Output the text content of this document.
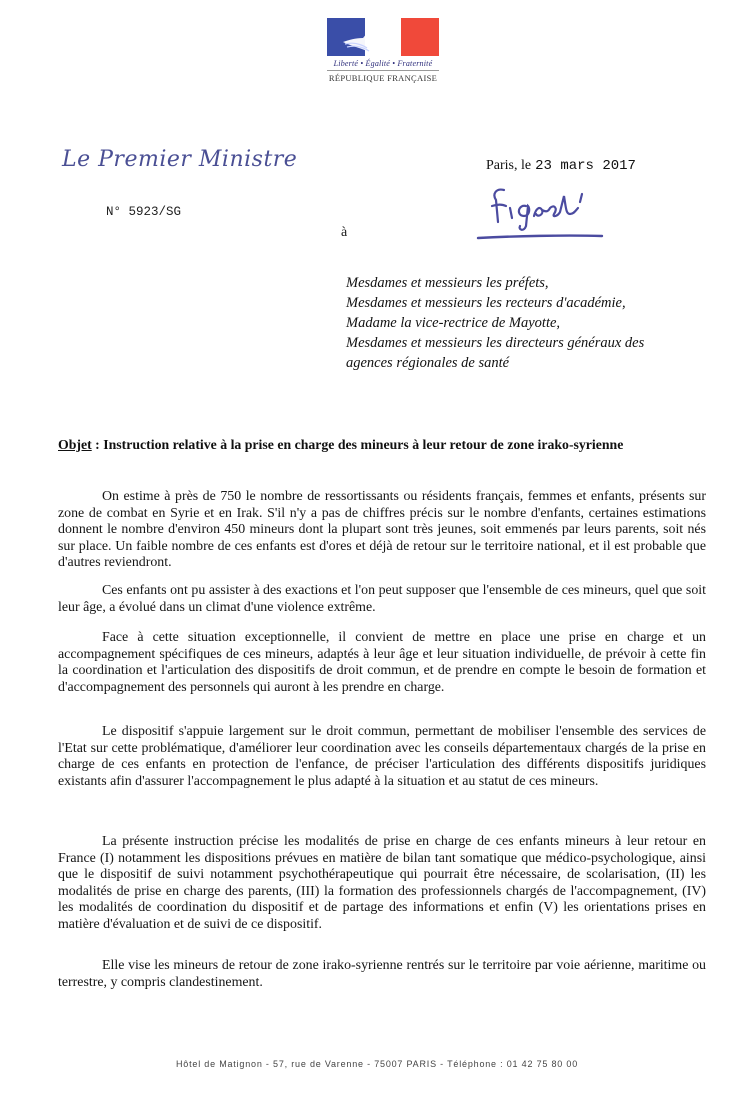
Liberté • Égalité • Fraternité
RÉPUBLIQUE FRANÇAISE
Le Premier Ministre
N° 5923/SG
Paris, le 23 mars 2017
à
Mesdames et messieurs les préfets,
Mesdames et messieurs les recteurs d'académie,
Madame la vice-rectrice de Mayotte,
Mesdames et messieurs les directeurs généraux des
agences régionales de santé
Objet : Instruction relative à la prise en charge des mineurs à leur retour de zone irako-syrienne

On estime à près de 750 le nombre de ressortissants ou résidents français, femmes et enfants, présents sur zone de combat en Syrie et en Irak. S'il n'y a pas de chiffres précis sur le nombre d'enfants, certaines estimations donnent le nombre d'environ 450 mineurs dont la plupart sont très jeunes, soit emmenés par leurs parents, soit nés sur place. Un faible nombre de ces enfants est d'ores et déjà de retour sur le territoire national, et il est probable que d'autres reviendront.

Ces enfants ont pu assister à des exactions et l'on peut supposer que l'ensemble de ces mineurs, quel que soit leur âge, a évolué dans un climat d'une violence extrême.

Face à cette situation exceptionnelle, il convient de mettre en place une prise en charge et un accompagnement spécifiques de ces mineurs, adaptés à leur âge et leur situation individuelle, de prévoir à cette fin la coordination et l'articulation des dispositifs de droit commun, et de prendre en compte le besoin de formation et d'accompagnement des personnels qui auront à les prendre en charge.

Le dispositif s'appuie largement sur le droit commun, permettant de mobiliser l'ensemble des services de l'Etat sur cette problématique, d'améliorer leur coordination avec les conseils départementaux chargés de la prise en charge de ces enfants en protection de l'enfance, de préciser l'articulation des différents dispositifs juridiques existants afin d'assurer l'accompagnement le plus adapté à la situation et au statut de ces mineurs.

La présente instruction précise les modalités de prise en charge de ces enfants mineurs à leur retour en France (I) notamment les dispositions prévues en matière de bilan tant somatique que médico-psychologique, ainsi que le dispositif de suivi notamment psychothérapeutique qui pourrait être nécessaire, de scolarisation, (II) les modalités de prise en charge des parents, (III) la formation des professionnels chargés de l'accompagnement, (IV) les modalités de coordination du dispositif et de partage des informations et enfin (V) les orientations prises en matière d'évaluation et de suivi de ce dispositif.

Elle vise les mineurs de retour de zone irako-syrienne rentrés sur le territoire par voie aérienne, maritime ou terrestre, y compris clandestinement.

Hôtel de Matignon - 57, rue de Varenne - 75007 PARIS - Téléphone : 01 42 75 80 00
